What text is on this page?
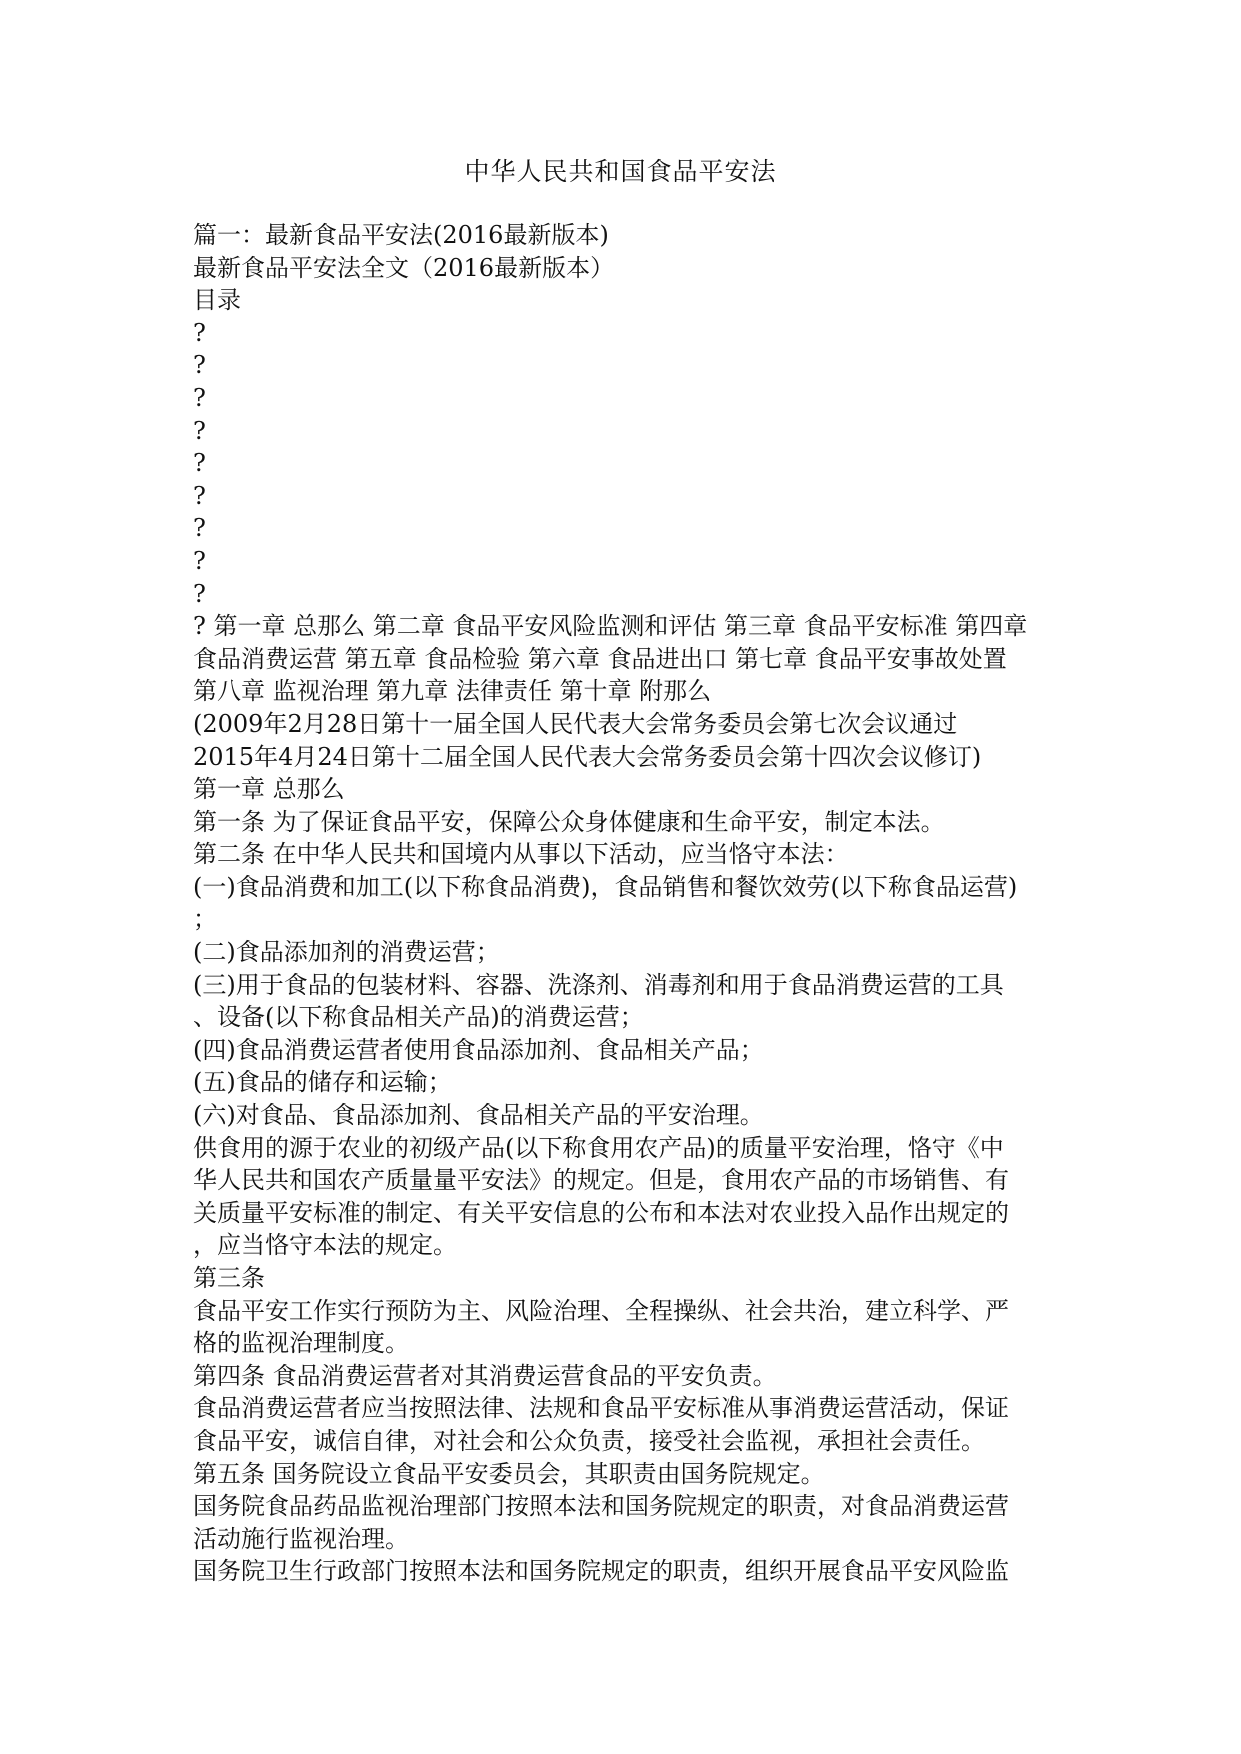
中华人民共和国食品平安法
篇一：最新食品平安法(2016最新版本)
最新食品平安法全文（2016最新版本）
目录
?
?
?
?
?
?
?
?
?
? 第一章 总那么 第二章 食品平安风险监测和评估 第三章 食品平安标准 第四章
食品消费运营 第五章 食品检验 第六章 食品进出口 第七章 食品平安事故处置
第八章 监视治理 第九章 法律责任 第十章 附那么
(2009年2月28日第十一届全国人民代表大会常务委员会第七次会议通过
2015年4月24日第十二届全国人民代表大会常务委员会第十四次会议修订)
第一章 总那么
第一条 为了保证食品平安，保障公众身体健康和生命平安，制定本法。
第二条 在中华人民共和国境内从事以下活动，应当恪守本法：
(一)食品消费和加工(以下称食品消费)，食品销售和餐饮效劳(以下称食品运营)
；
(二)食品添加剂的消费运营；
(三)用于食品的包装材料、容器、洗涤剂、消毒剂和用于食品消费运营的工具
、设备(以下称食品相关产品)的消费运营；
(四)食品消费运营者使用食品添加剂、食品相关产品；
(五)食品的储存和运输；
(六)对食品、食品添加剂、食品相关产品的平安治理。
供食用的源于农业的初级产品(以下称食用农产品)的质量平安治理，恪守《中
华人民共和国农产质量量平安法》的规定。但是，食用农产品的市场销售、有
关质量平安标准的制定、有关平安信息的公布和本法对农业投入品作出规定的
，应当恪守本法的规定。
第三条
食品平安工作实行预防为主、风险治理、全程操纵、社会共治，建立科学、严
格的监视治理制度。
第四条 食品消费运营者对其消费运营食品的平安负责。
食品消费运营者应当按照法律、法规和食品平安标准从事消费运营活动，保证
食品平安，诚信自律，对社会和公众负责，接受社会监视，承担社会责任。
第五条 国务院设立食品平安委员会，其职责由国务院规定。
国务院食品药品监视治理部门按照本法和国务院规定的职责，对食品消费运营
活动施行监视治理。
国务院卫生行政部门按照本法和国务院规定的职责，组织开展食品平安风险监
